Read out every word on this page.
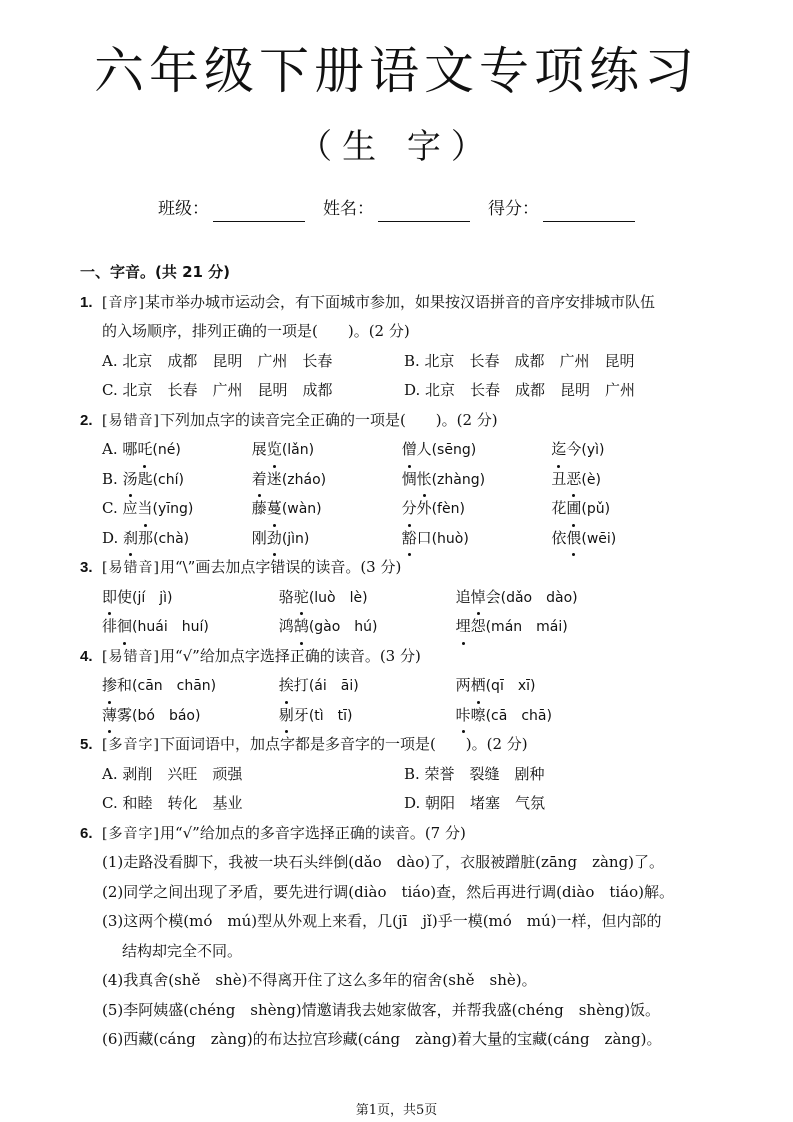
六年级下册语文专项练习
（生 字）
班级：	姓名：	得分：
一、字音。(共 21 分)
1. [音序]某市举办城市运动会，有下面城市参加，如果按汉语拼音的音序安排城市队伍
的入场顺序，排列正确的一项是(　　)。(2 分)
A. 北京　成都　昆明　广州　长春	B. 北京　长春　成都　广州　昆明
C. 北京　长春　广州　昆明　成都	D. 北京　长春　成都　昆明　广州
2. [易错音]下列加点字的读音完全正确的一项是(　　)。(2 分)
A. 哪吒(né)	展览(lǎn)	僧人(sēng)	迄今(yì)
B. 汤匙(chí)	着迷(zháo)	惆怅(zhàng)	丑恶(è)
C. 应当(yīng)	藤蔓(wàn)	分外(fèn)	花圃(pǔ)
D. 刹那(chà)	刚劲(jìn)	豁口(huò)	依偎(wēi)
3. [易错音]用“\”画去加点字错误的读音。(3 分)
即使(jí　jì)	骆驼(luò　lè)	追悼会(dǎo　dào)
徘徊(huái　huí)	鸿鹄(gào　hú)	埋怨(mán　mái)
4. [易错音]用“√”给加点字选择正确的读音。(3 分)
掺和(cān　chān)	挨打(ái　āi)	两栖(qī　xī)
薄雾(bó　báo)	剔牙(tì　tī)	咔嚓(cā　chā)
5. [多音字]下面词语中，加点字都是多音字的一项是(　　)。(2 分)
A. 剥削　兴旺　顽强	B. 荣誉　裂缝　剧种
C. 和睦　转化　基业	D. 朝阳　堵塞　气氛
6. [多音字]用“√”给加点的多音字选择正确的读音。(7 分)
(1)走路没看脚下，我被一块石头绊倒(dǎo　dào)了，衣服被蹭脏(zāng　zàng)了。
(2)同学之间出现了矛盾，要先进行调(diào　tiáo)查，然后再进行调(diào　tiáo)解。
(3)这两个模(mó　mú)型从外观上来看，几(jī　jǐ)乎一模(mó　mú)一样，但内部的
结构却完全不同。
(4)我真舍(shě　shè)不得离开住了这么多年的宿舍(shě　shè)。
(5)李阿姨盛(chéng　shèng)情邀请我去她家做客，并帮我盛(chéng　shèng)饭。
(6)西藏(cáng　zàng)的布达拉宫珍藏(cáng　zàng)着大量的宝藏(cáng　zàng)。
第1页，共5页
